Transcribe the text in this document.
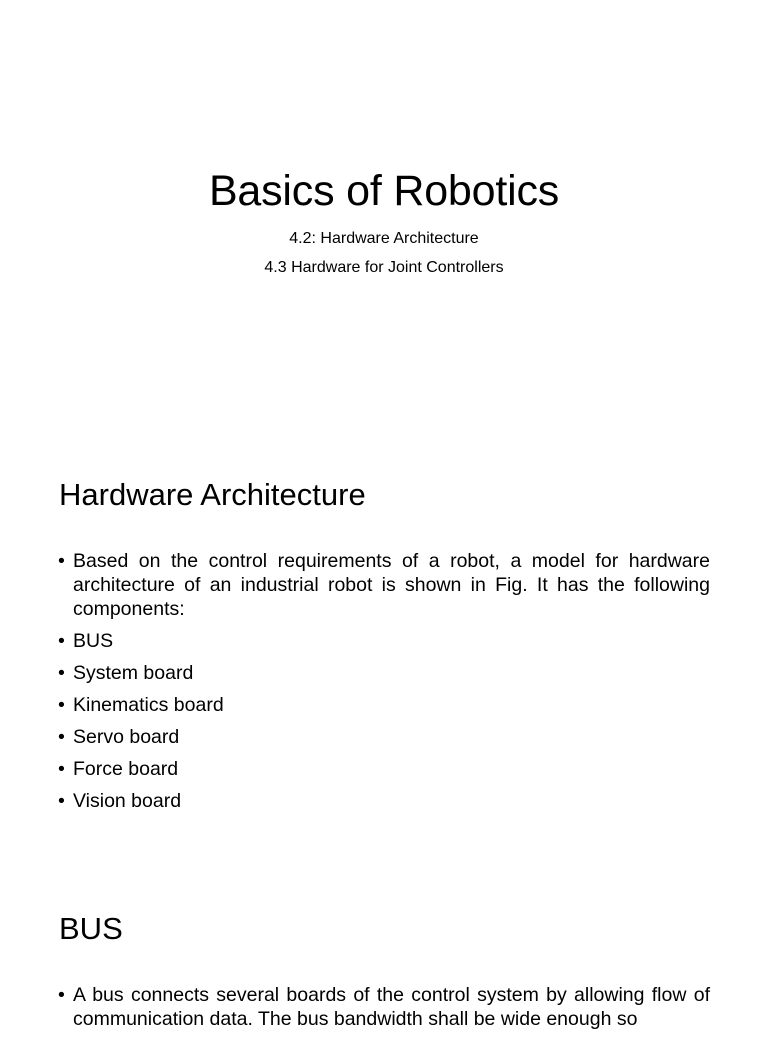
Basics of Robotics
4.2: Hardware Architecture
4.3 Hardware for Joint Controllers
Hardware Architecture
• Based on the control requirements of a robot, a model for hardware architecture of an industrial robot is shown in Fig. It has the following components:
• BUS
• System board
• Kinematics board
• Servo board
• Force board
• Vision board
BUS
• A bus connects several boards of the control system by allowing flow of communication data. The bus bandwidth shall be wide enough so
